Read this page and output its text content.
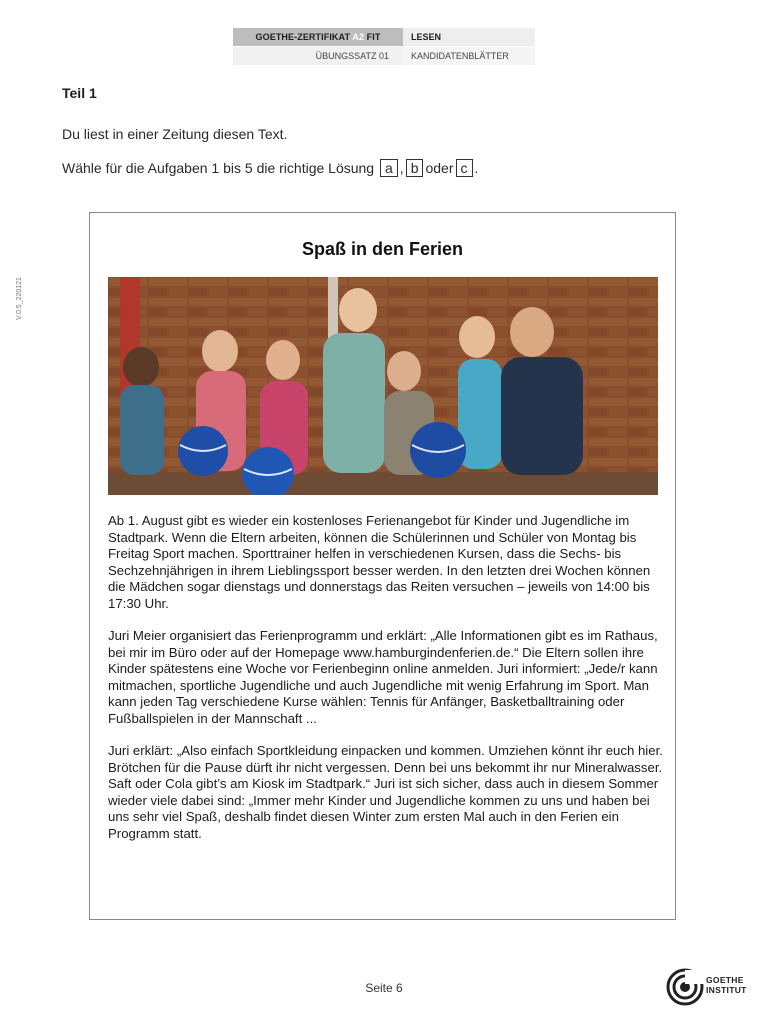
GOETHE-ZERTIFIKAT A2 FIT	LESEN
ÜBUNGSSATZ 01	KANDIDATENBLÄTTER
V.0.5_220121
Teil 1
Du liest in einer Zeitung diesen Text.
Wähle für die Aufgaben 1 bis 5 die richtige Lösung
a , b oder c .
Spaß in den Ferien

Ab 1. August gibt es wieder ein kostenloses Ferienangebot für Kinder und Jugendliche im Stadtpark. Wenn die Eltern arbeiten, können die Schülerinnen und Schüler von Montag bis Freitag Sport machen. Sporttrainer helfen in verschiedenen Kursen, dass die Sechs- bis Sechzehnjährigen in ihrem Lieblingssport besser werden. In den letzten drei Wochen können die Mädchen sogar dienstags und donnerstags das Reiten versuchen – jeweils von 14:00 bis 17:30 Uhr.

Juri Meier organisiert das Ferienprogramm und erklärt: „Alle Informationen gibt es im Rathaus, bei mir im Büro oder auf der Homepage www.hamburgindenferien.de.“ Die Eltern sollen ihre Kinder spätestens eine Woche vor Ferienbeginn online anmelden. Juri informiert: „Jede/r kann mitmachen, sportliche Jugendliche und auch Jugendliche mit wenig Erfahrung im Sport. Man kann jeden Tag verschiedene Kurse wählen: Tennis für Anfänger, Basketballtraining oder Fußballspielen in der Mannschaft ...

Juri erklärt: „Also einfach Sportkleidung einpacken und kommen. Umziehen könnt ihr euch hier. Brötchen für die Pause dürft ihr nicht vergessen. Denn bei uns bekommt ihr nur Mineralwasser. Saft oder Cola gibt’s am Kiosk im Stadtpark.“ Juri ist sich sicher, dass auch in diesem Sommer wieder viele dabei sind: „Immer mehr Kinder und Jugendliche kommen zu uns und haben bei uns sehr viel Spaß, deshalb findet diesen Winter zum ersten Mal auch in den Ferien ein Programm statt.

Seite 6
GOETHE
INSTITUT
